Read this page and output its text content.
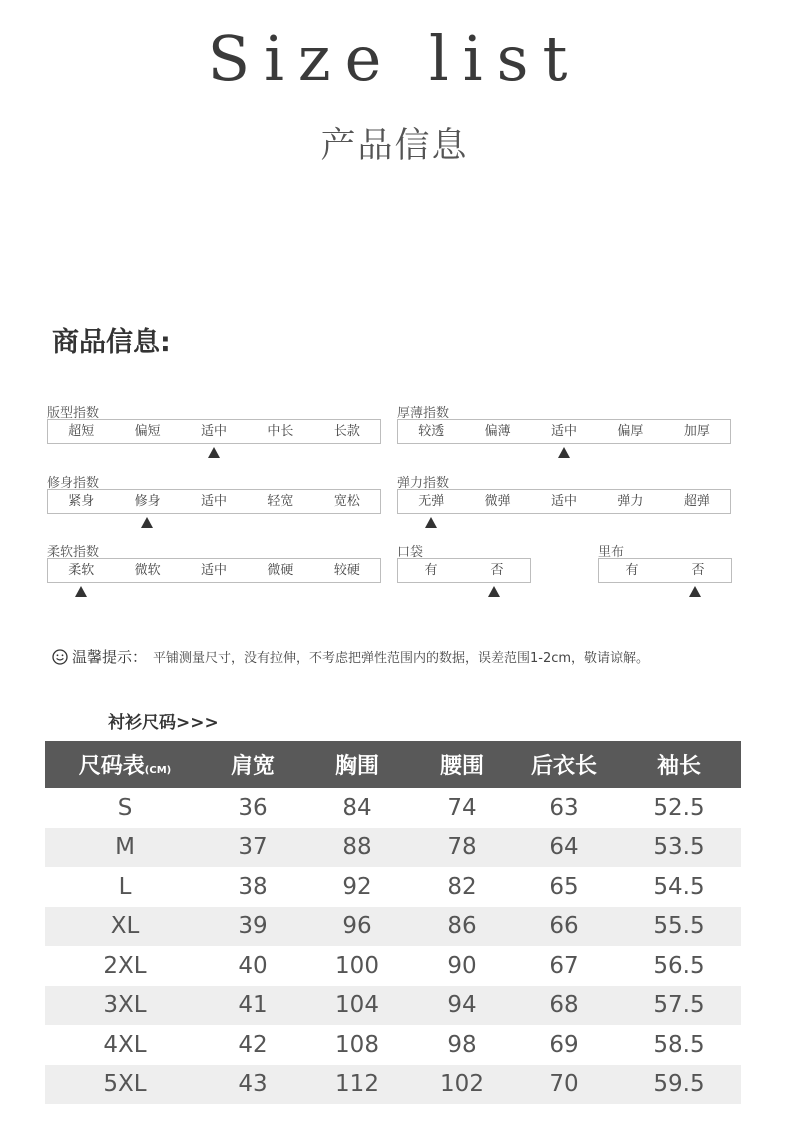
Size list
产品信息
商品信息:
版型指数
超短	偏短	适中	中长	长款
厚薄指数
较透	偏薄	适中	偏厚	加厚
修身指数
紧身	修身	适中	轻宽	宽松
弹力指数
无弹	微弹	适中	弹力	超弹
柔软指数
柔软	微软	适中	微硬	较硬
口袋
有	否
里布
有	否
温馨提示： 平铺测量尺寸，没有拉伸，不考虑把弹性范围内的数据，误差范围1-2cm，敬请谅解。
衬衫尺码>>>
尺码表(CM)	肩宽	胸围	腰围	后衣长	袖长
S	36	84	74	63	52.5
M	37	88	78	64	53.5
L	38	92	82	65	54.5
XL	39	96	86	66	55.5
2XL	40	100	90	67	56.5
3XL	41	104	94	68	57.5
4XL	42	108	98	69	58.5
5XL	43	112	102	70	59.5
